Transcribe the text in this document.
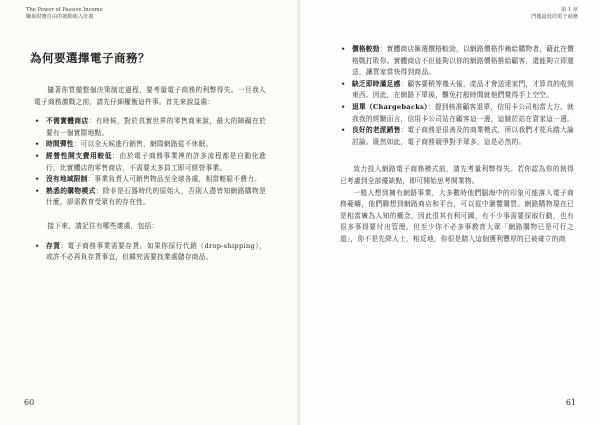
The Power of Passive Income
賺取財務自由的被動收入計畫
為何要選擇電子商務？

隨著你買徹整個決策制定過程，要考量電子商務的利弊得失。一旦我人電子商務激戰之前，請先仔細權衡這件事。首先來說益處：

• 不需實體商店：有時候，對於真實世界的零售商來說，最大的障礙在於要有一個實際地點。
• 時間彈性：可以全天候進行銷售，網際網路從不休眠。
• 經營性開支費用較低：由於電子商務事業裡的許多流程都是自動化進行，比實體店的零售商店，不需要太多員工即可經營事業。
• 沒有地域限制：事業負責人可銷售物品至全球各處，相當輕鬆不費力。
• 熟悉的購物模式：除非是石器時代的原始人，否則人盡皆知網路購物是什麼，卻需教育受眾有的存在性。

接下來，請記住有哪些壞處，包括：

• 存貨：電子商務事業需要存貨。如果你採行代銷（drop-shipping），或許不必再負存貨事宜，但韓究需要找業處儲存商品。
60
第 1 章
門檻最低的電子商務
61
• 價格較勁：實體商店匯選價格較勁，以網路價格作賴給購物者，藉此在價格戰打敗你。實體商店不但能夠以你的網路價格推給顧客，還能夠立即運送，讓買家當快得到商品。
• 缺乏即時滿足感：顧客要稍等幾天後，產品才會送達家門，才算真的收到東西。因此，在網路下單後，難免打般時間就他們覺得手上空空。
• 退單（Chargebacks）：提到核准顧客退單，信用卡公司相當大方。就我我的經驗而言，信用卡公司站在顧客這一邊，這臉於站在賣家這一邊。
• 良好的老派銷售：電子商務是很善及的商業模式，所以我們才花兵踏大論討論。既然如此，電子商務競爭對手眾多，這是必然的。

致力投入網路電子商務模式前，請先考量利弊得失。若你認為你的執得已考慮到全部優缺點，即可開始思考開業物。

一般人想到擁有網路事業，大多數時他們腦海中的印象可能落入電子商務範疇，他們聯想到網路商店和平台，可以從中瀏覽購買。網路購物現在已是相當廣為人知的概念，因此很其有利可圖，有不少事需要採取行動，也有很多事得要付出管理。但至少你不必多事教育大眾「網路購物已是可行之道」，你不是先降人士，相反地，你很是踏入這個獲利豐厚的已被確立的商
